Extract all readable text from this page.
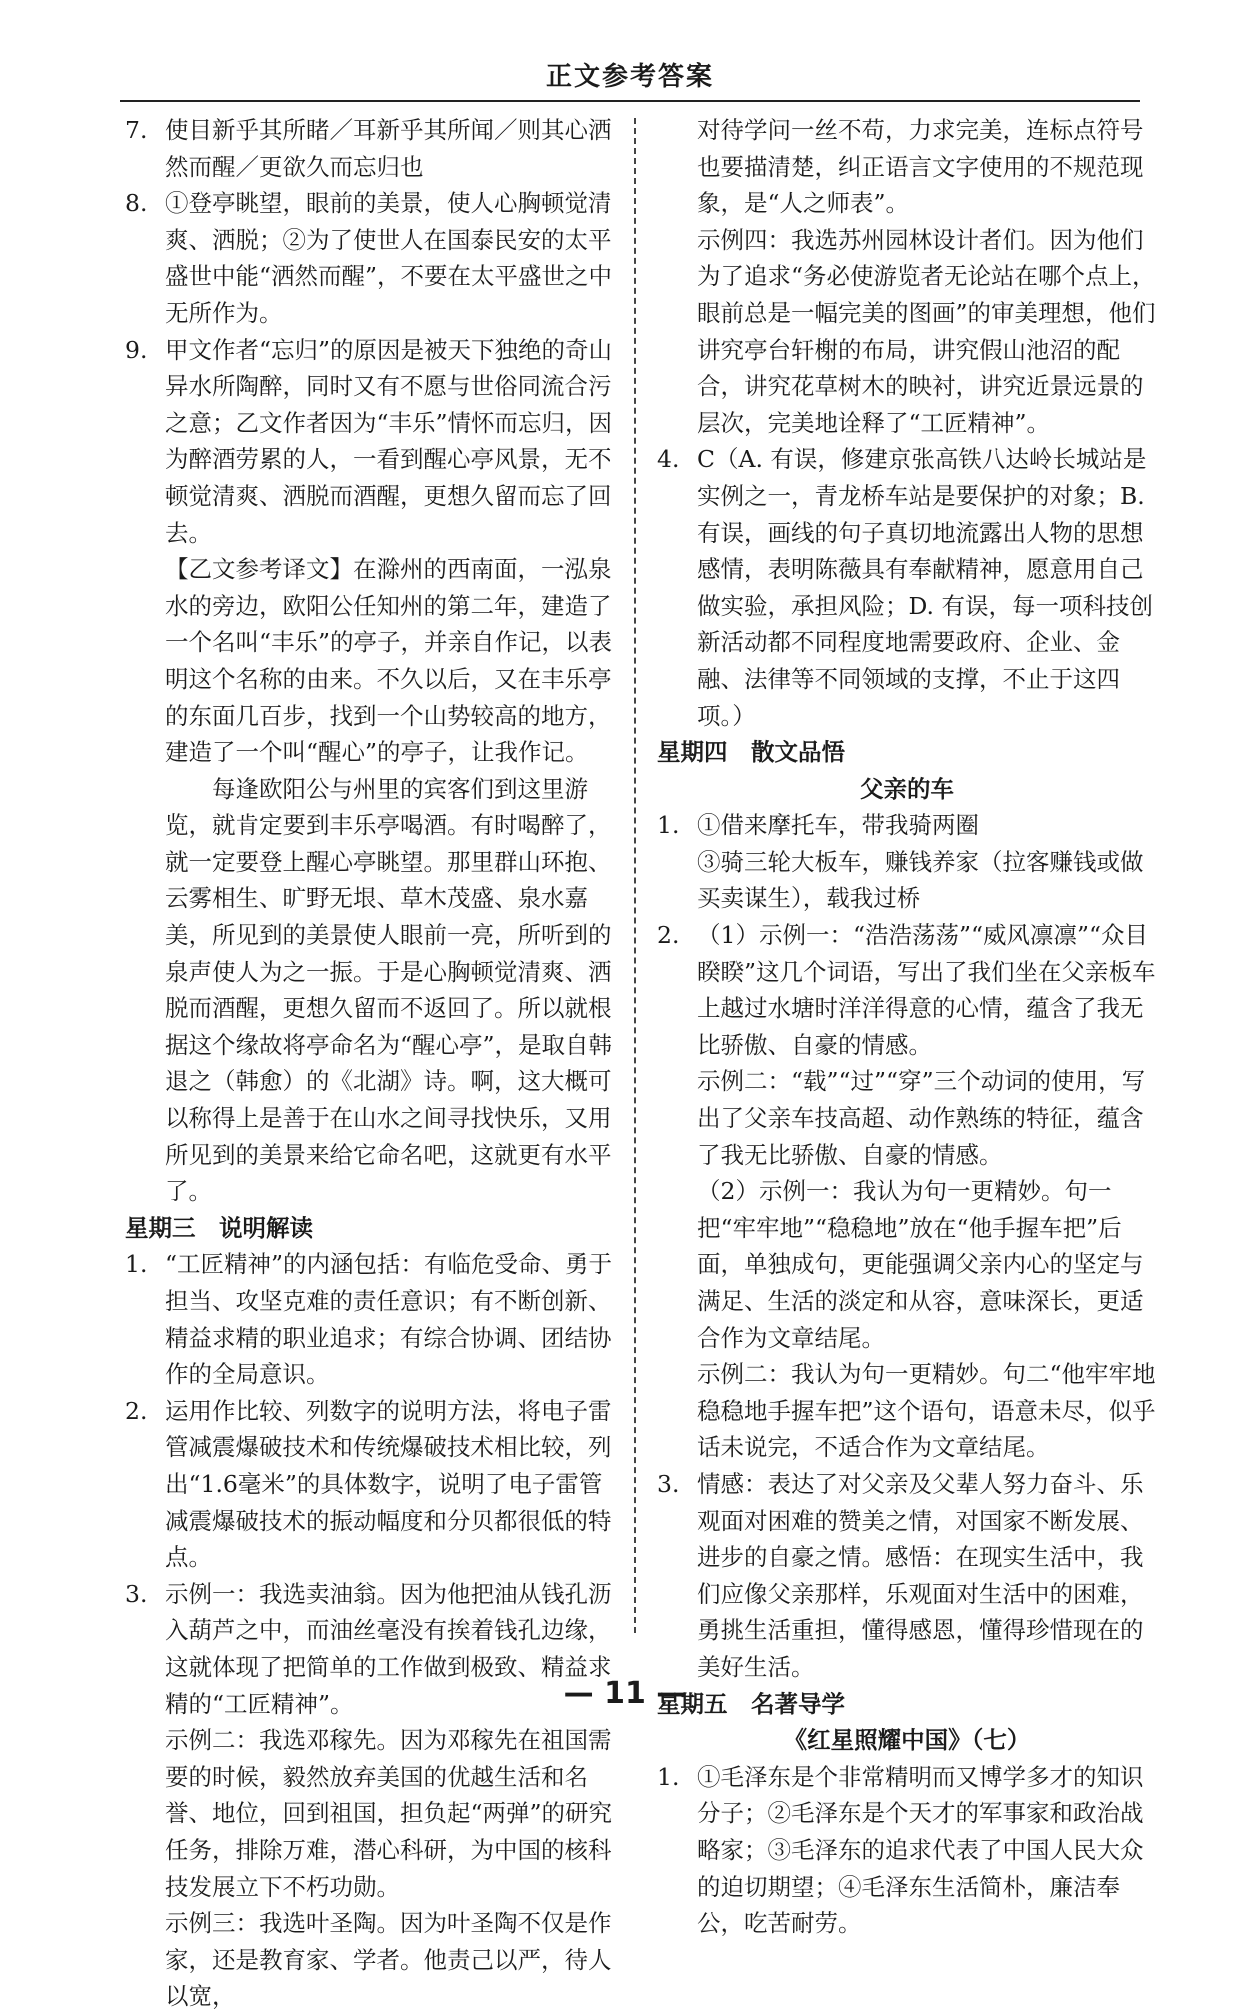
正文参考答案
7. 使目新乎其所睹／耳新乎其所闻／则其心洒然而醒／更欲久而忘归也
8. ①登亭眺望，眼前的美景，使人心胸顿觉清爽、洒脱；②为了使世人在国泰民安的太平盛世中能“洒然而醒”，不要在太平盛世之中无所作为。
9. 甲文作者“忘归”的原因是被天下独绝的奇山异水所陶醉，同时又有不愿与世俗同流合污之意；乙文作者因为“丰乐”情怀而忘归，因为醉酒劳累的人，一看到醒心亭风景，无不顿觉清爽、洒脱而酒醒，更想久留而忘了回去。
【乙文参考译文】在滁州的西南面，一泓泉水的旁边，欧阳公任知州的第二年，建造了一个名叫“丰乐”的亭子，并亲自作记，以表明这个名称的由来。不久以后，又在丰乐亭的东面几百步，找到一个山势较高的地方，建造了一个叫“醒心”的亭子，让我作记。
每逢欧阳公与州里的宾客们到这里游览，就肯定要到丰乐亭喝酒。有时喝醉了，就一定要登上醒心亭眺望。那里群山环抱、云雾相生、旷野无垠、草木茂盛、泉水嘉美，所见到的美景使人眼前一亮，所听到的泉声使人为之一振。于是心胸顿觉清爽、洒脱而酒醒，更想久留而不返回了。所以就根据这个缘故将亭命名为“醒心亭”，是取自韩退之（韩愈）的《北湖》诗。啊，这大概可以称得上是善于在山水之间寻找快乐，又用所见到的美景来给它命名吧，这就更有水平了。
星期三　说明解读
1. “工匠精神”的内涵包括：有临危受命、勇于担当、攻坚克难的责任意识；有不断创新、精益求精的职业追求；有综合协调、团结协作的全局意识。
2. 运用作比较、列数字的说明方法，将电子雷管减震爆破技术和传统爆破技术相比较，列出“1.6毫米”的具体数字，说明了电子雷管减震爆破技术的振动幅度和分贝都很低的特点。
3. 示例一：我选卖油翁。因为他把油从钱孔沥入葫芦之中，而油丝毫没有挨着钱孔边缘，这就体现了把简单的工作做到极致、精益求精的“工匠精神”。
示例二：我选邓稼先。因为邓稼先在祖国需要的时候，毅然放弃美国的优越生活和名誉、地位，回到祖国，担负起“两弹”的研究任务，排除万难，潜心科研，为中国的核科技发展立下不朽功勋。
示例三：我选叶圣陶。因为叶圣陶不仅是作家，还是教育家、学者。他责己以严，待人以宽，
对待学问一丝不苟，力求完美，连标点符号也要描清楚，纠正语言文字使用的不规范现象，是“人之师表”。
示例四：我选苏州园林设计者们。因为他们为了追求“务必使游览者无论站在哪个点上，眼前总是一幅完美的图画”的审美理想，他们讲究亭台轩榭的布局，讲究假山池沼的配合，讲究花草树木的映衬，讲究近景远景的层次，完美地诠释了“工匠精神”。
4. C（A. 有误，修建京张高铁八达岭长城站是实例之一，青龙桥车站是要保护的对象；B. 有误，画线的句子真切地流露出人物的思想感情，表明陈薇具有奉献精神，愿意用自己做实验，承担风险；D. 有误，每一项科技创新活动都不同程度地需要政府、企业、金融、法律等不同领域的支撑，不止于这四项。）
星期四　散文品悟
父亲的车
1. ①借来摩托车，带我骑两圈
③骑三轮大板车，赚钱养家（拉客赚钱或做买卖谋生），载我过桥
2. （1）示例一：“浩浩荡荡”“威风凛凛”“众目睽睽”这几个词语，写出了我们坐在父亲板车上越过水塘时洋洋得意的心情，蕴含了我无比骄傲、自豪的情感。
示例二：“载”“过”“穿”三个动词的使用，写出了父亲车技高超、动作熟练的特征，蕴含了我无比骄傲、自豪的情感。
（2）示例一：我认为句一更精妙。句一把“牢牢地”“稳稳地”放在“他手握车把”后面，单独成句，更能强调父亲内心的坚定与满足、生活的淡定和从容，意味深长，更适合作为文章结尾。
示例二：我认为句一更精妙。句二“他牢牢地稳稳地手握车把”这个语句，语意未尽，似乎话未说完，不适合作为文章结尾。
3. 情感：表达了对父亲及父辈人努力奋斗、乐观面对困难的赞美之情，对国家不断发展、进步的自豪之情。感悟：在现实生活中，我们应像父亲那样，乐观面对生活中的困难，勇挑生活重担，懂得感恩，懂得珍惜现在的美好生活。
星期五　名著导学
《红星照耀中国》（七）
1. ①毛泽东是个非常精明而又博学多才的知识分子；②毛泽东是个天才的军事家和政治战略家；③毛泽东的追求代表了中国人民大众的迫切期望；④毛泽东生活简朴，廉洁奉公，吃苦耐劳。
— 11 —
